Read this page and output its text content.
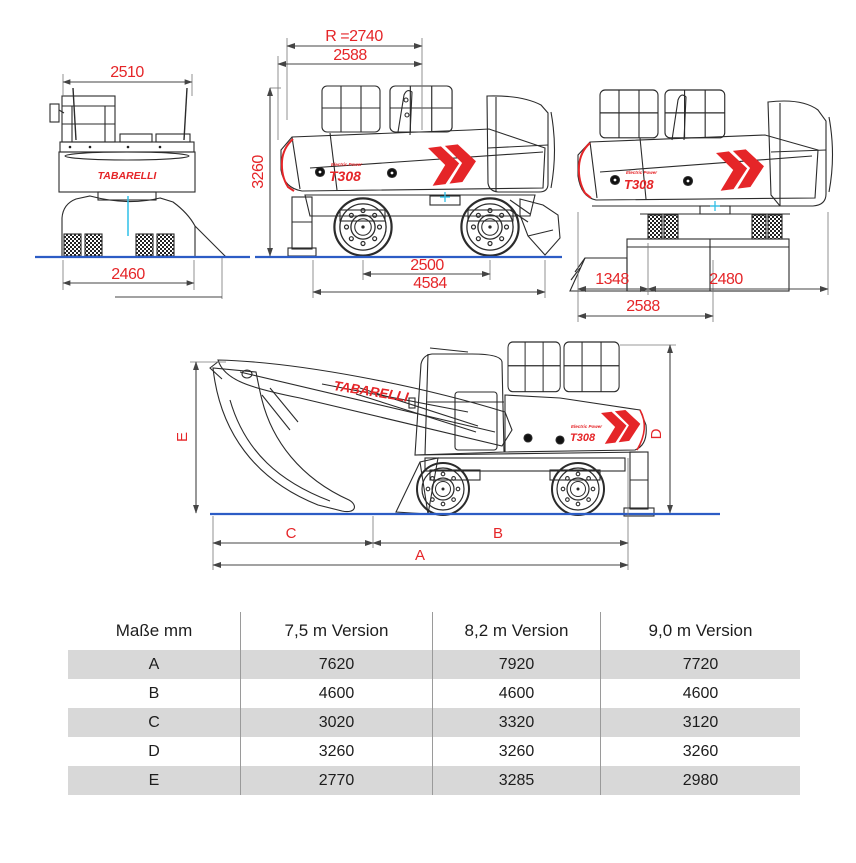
TABARELLI
2510
2460
Electric Power
T308
R =2740
2588
3260
2500
4584
Electric Power
T308
1348	2480
2588
Electric Power
T308
TABARELLI
E	D
C	B
A
Maße mm	7,5 m Version	8,2 m Version	9,0 m Version
A	7620	7920	7720
B	4600	4600	4600
C	3020	3320	3120
D	3260	3260	3260
E	2770	3285	2980
